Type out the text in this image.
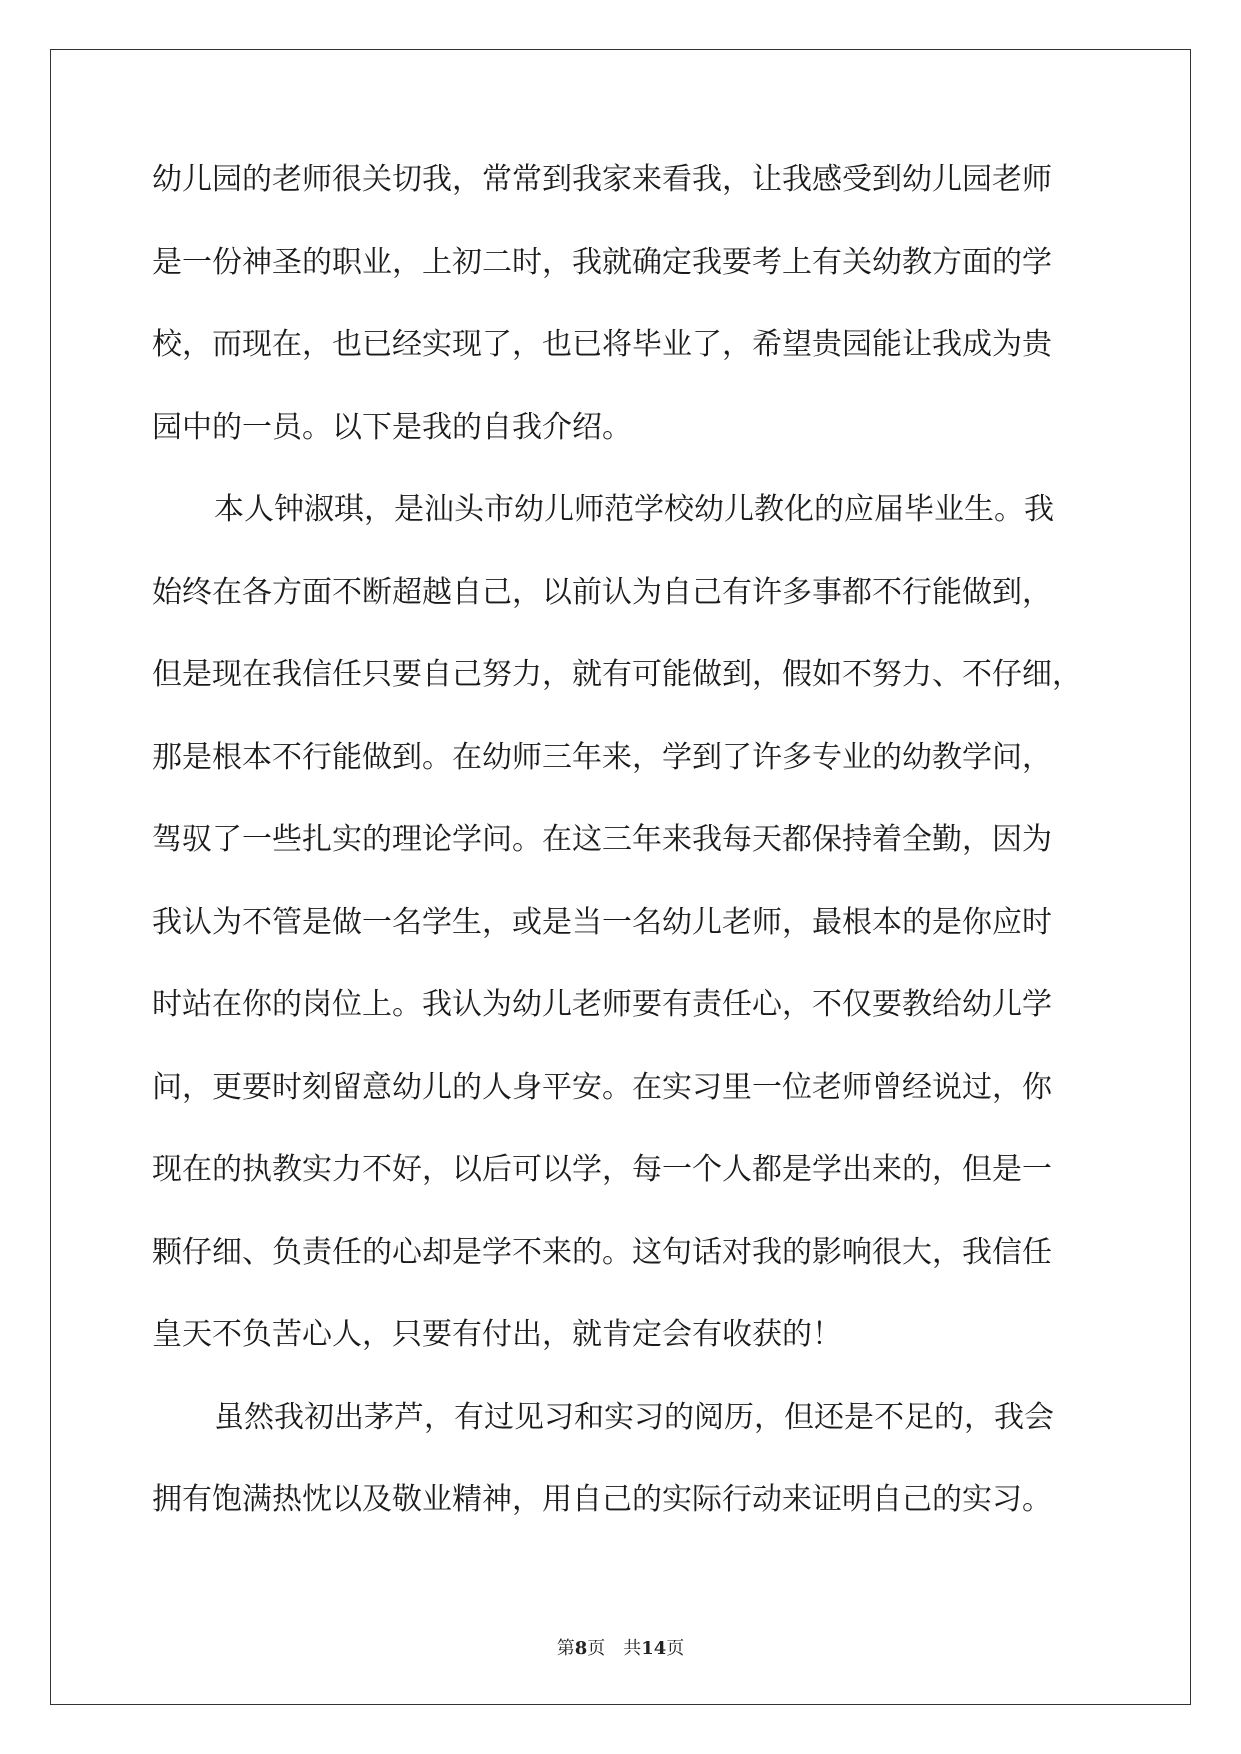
幼儿园的老师很关切我，常常到我家来看我，让我感受到幼儿园老师
是一份神圣的职业，上初二时，我就确定我要考上有关幼教方面的学
校，而现在，也已经实现了，也已将毕业了，希望贵园能让我成为贵
园中的一员。以下是我的自我介绍。
本人钟淑琪，是汕头市幼儿师范学校幼儿教化的应届毕业生。我
始终在各方面不断超越自己，以前认为自己有许多事都不行能做到，
但是现在我信任只要自己努力，就有可能做到，假如不努力、不仔细，
那是根本不行能做到。在幼师三年来，学到了许多专业的幼教学问，
驾驭了一些扎实的理论学问。在这三年来我每天都保持着全勤，因为
我认为不管是做一名学生，或是当一名幼儿老师，最根本的是你应时
时站在你的岗位上。我认为幼儿老师要有责任心，不仅要教给幼儿学
问，更要时刻留意幼儿的人身平安。在实习里一位老师曾经说过，你
现在的执教实力不好，以后可以学，每一个人都是学出来的，但是一
颗仔细、负责任的心却是学不来的。这句话对我的影响很大，我信任
皇天不负苦心人，只要有付出，就肯定会有收获的！
虽然我初出茅芦，有过见习和实习的阅历，但还是不足的，我会
拥有饱满热忱以及敬业精神，用自己的实际行动来证明自己的实习。
第8页 共14页
